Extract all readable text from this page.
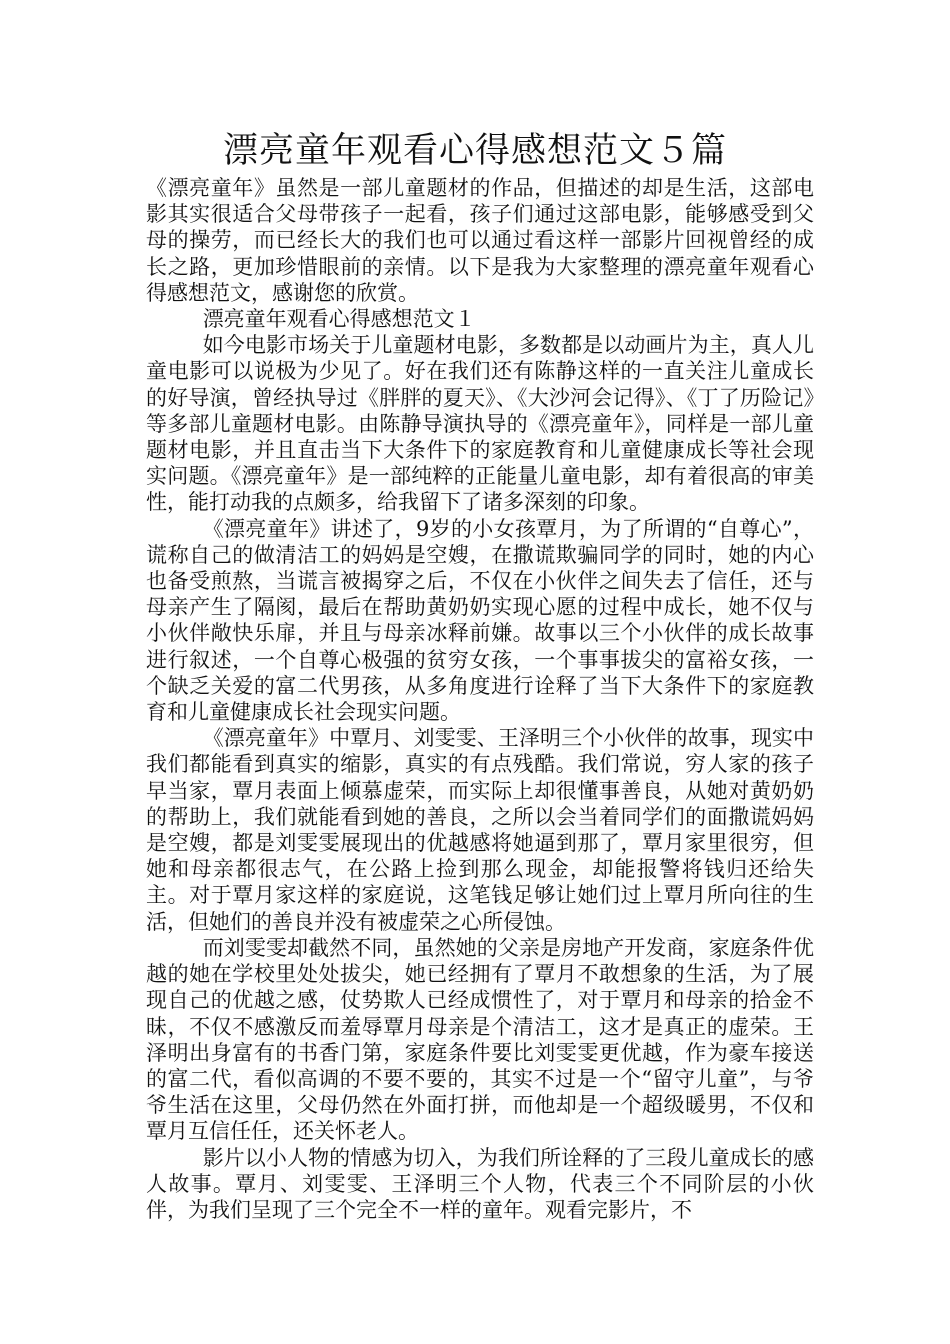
漂亮童年观看心得感想范文５篇

《漂亮童年》虽然是一部儿童题材的作品，但描述的却是生活，这部电影其实很适合父母带孩子一起看，孩子们通过这部电影，能够感受到父母的操劳，而已经长大的我们也可以通过看这样一部影片回视曾经的成长之路，更加珍惜眼前的亲情。以下是我为大家整理的漂亮童年观看心得感想范文，感谢您的欣赏。

漂亮童年观看心得感想范文１

如今电影市场关于儿童题材电影，多数都是以动画片为主，真人儿童电影可以说极为少见了。好在我们还有陈静这样的一直关注儿童成长的好导演，曾经执导过《胖胖的夏天》、《大沙河会记得》、《丁了历险记》等多部儿童题材电影。由陈静导演执导的《漂亮童年》，同样是一部儿童题材电影，并且直击当下大条件下的家庭教育和儿童健康成长等社会现实问题。《漂亮童年》是一部纯粹的正能量儿童电影，却有着很高的审美性，能打动我的点颇多，给我留下了诸多深刻的印象。

《漂亮童年》讲述了，9岁的小女孩覃月，为了所谓的“自尊心”，谎称自己的做清洁工的妈妈是空嫂，在撒谎欺骗同学的同时，她的内心也备受煎熬，当谎言被揭穿之后，不仅在小伙伴之间失去了信任，还与母亲产生了隔阂，最后在帮助黄奶奶实现心愿的过程中成长，她不仅与小伙伴敞快乐扉，并且与母亲冰释前嫌。故事以三个小伙伴的成长故事进行叙述，一个自尊心极强的贫穷女孩，一个事事拔尖的富裕女孩，一个缺乏关爱的富二代男孩，从多角度进行诠释了当下大条件下的家庭教育和儿童健康成长社会现实问题。

《漂亮童年》中覃月、刘雯雯、王泽明三个小伙伴的故事，现实中我们都能看到真实的缩影，真实的有点残酷。我们常说，穷人家的孩子早当家，覃月表面上倾慕虚荣，而实际上却很懂事善良，从她对黄奶奶的帮助上，我们就能看到她的善良，之所以会当着同学们的面撒谎妈妈是空嫂，都是刘雯雯展现出的优越感将她逼到那了，覃月家里很穷，但她和母亲都很志气，在公路上捡到那么现金，却能报警将钱归还给失主。对于覃月家这样的家庭说，这笔钱足够让她们过上覃月所向往的生活，但她们的善良并没有被虚荣之心所侵蚀。

而刘雯雯却截然不同，虽然她的父亲是房地产开发商，家庭条件优越的她在学校里处处拔尖，她已经拥有了覃月不敢想象的生活，为了展现自己的优越之感，仗势欺人已经成惯性了，对于覃月和母亲的拾金不昧，不仅不感激反而羞辱覃月母亲是个清洁工，这才是真正的虚荣。王泽明出身富有的书香门第，家庭条件要比刘雯雯更优越，作为豪车接送的富二代，看似高调的不要不要的，其实不过是一个“留守儿童”，与爷爷生活在这里，父母仍然在外面打拼，而他却是一个超级暖男，不仅和覃月互信任任，还关怀老人。

影片以小人物的情感为切入，为我们所诠释的了三段儿童成长的感人故事。覃月、刘雯雯、王泽明三个人物，代表三个不同阶层的小伙伴，为我们呈现了三个完全不一样的童年。观看完影片，不
